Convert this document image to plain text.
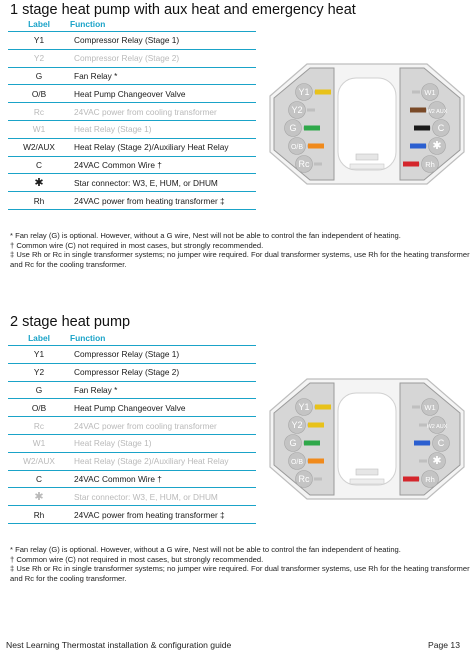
1 stage heat pump with aux heat and emergency heat
Label	Function
Y1	Compressor Relay (Stage 1)
Y2	Compressor Relay (Stage 2)
G	Fan Relay *
O/B	Heat Pump Changeover Valve
Rc	24VAC power from cooling transformer
W1	Heat Relay (Stage 1)
W2/AUX	Heat Relay (Stage 2)/Auxiliary Heat Relay
C	24VAC Common Wire †
✱	Star connector: W3, E, HUM, or DHUM
Rh	24VAC power from heating transformer ‡
Y1
Y2
G
O/B
Rc
W1
W2 AUX
C
✱
Rh

* Fan relay (G) is optional. However, without a G wire, Nest will not be able to control the fan independent of heating.

† Common wire (C) not required in most cases, but strongly recommended.

‡ Use Rh or Rc in single transformer systems; no jumper wire required. For dual transformer systems, use Rh for the heating transformer and Rc for the cooling transformer.

2 stage heat pump
Label	Function
Y1	Compressor Relay (Stage 1)
Y2	Compressor Relay (Stage 2)
G	Fan Relay *
O/B	Heat Pump Changeover Valve
Rc	24VAC power from cooling transformer
W1	Heat Relay (Stage 1)
W2/AUX	Heat Relay (Stage 2)/Auxiliary Heat Relay
C	24VAC Common Wire †
✱	Star connector: W3, E, HUM, or DHUM
Rh	24VAC power from heating transformer ‡
Y1
Y2
G
O/B
Rc
W1
W2 AUX
C
✱
Rh

* Fan relay (G) is optional. However, without a G wire, Nest will not be able to control the fan independent of heating.

† Common wire (C) not required in most cases, but strongly recommended.

‡ Use Rh or Rc in single transformer systems; no jumper wire required. For dual transformer systems, use Rh for the heating transformer and Rc for the cooling transformer.

Nest Learning Thermostat installation & configuration guide	Page 13
